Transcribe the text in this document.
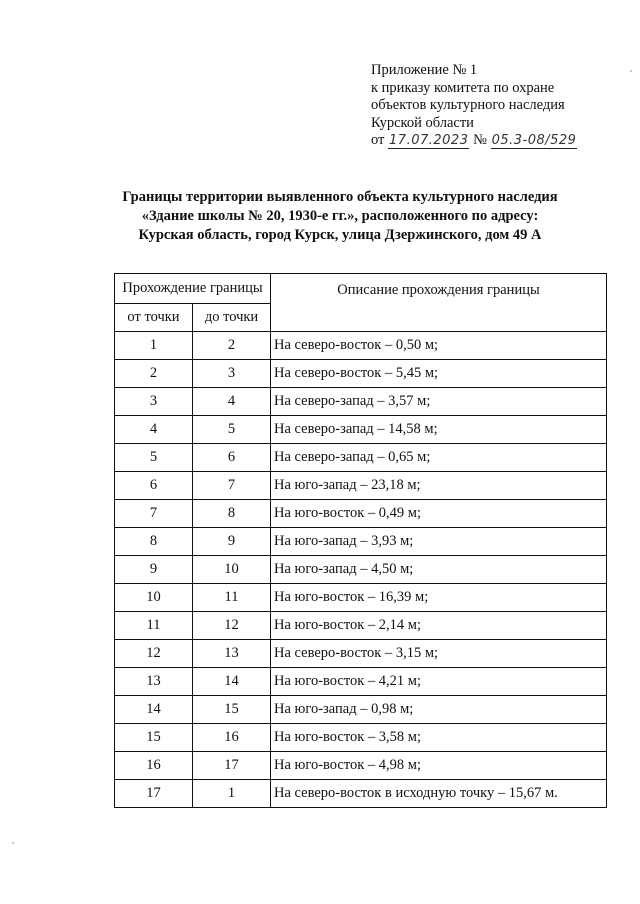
Приложение № 1
к приказу комитета по охране
объектов культурного наследия
Курской области
от 17.07.2023 № 05.3-08/529
Границы территории выявленного объекта культурного наследия
«Здание школы № 20, 1930-е гг.», расположенного по адресу:
Курская область, город Курск, улица Дзержинского, дом 49 А
Прохождение границы		Описание прохождения границы
от точки	до точки	
1	2	На северо-восток – 0,50 м;
2	3	На северо-восток – 5,45 м;
3	4	На северо-запад – 3,57 м;
4	5	На северо-запад – 14,58 м;
5	6	На северо-запад – 0,65 м;
6	7	На юго-запад – 23,18 м;
7	8	На юго-восток – 0,49 м;
8	9	На юго-запад – 3,93 м;
9	10	На юго-запад – 4,50 м;
10	11	На юго-восток – 16,39 м;
11	12	На юго-восток – 2,14 м;
12	13	На северо-восток – 3,15 м;
13	14	На юго-восток – 4,21 м;
14	15	На юго-запад – 0,98 м;
15	16	На юго-восток – 3,58 м;
16	17	На юго-восток – 4,98 м;
17	1	На северо-восток в исходную точку – 15,67 м.
